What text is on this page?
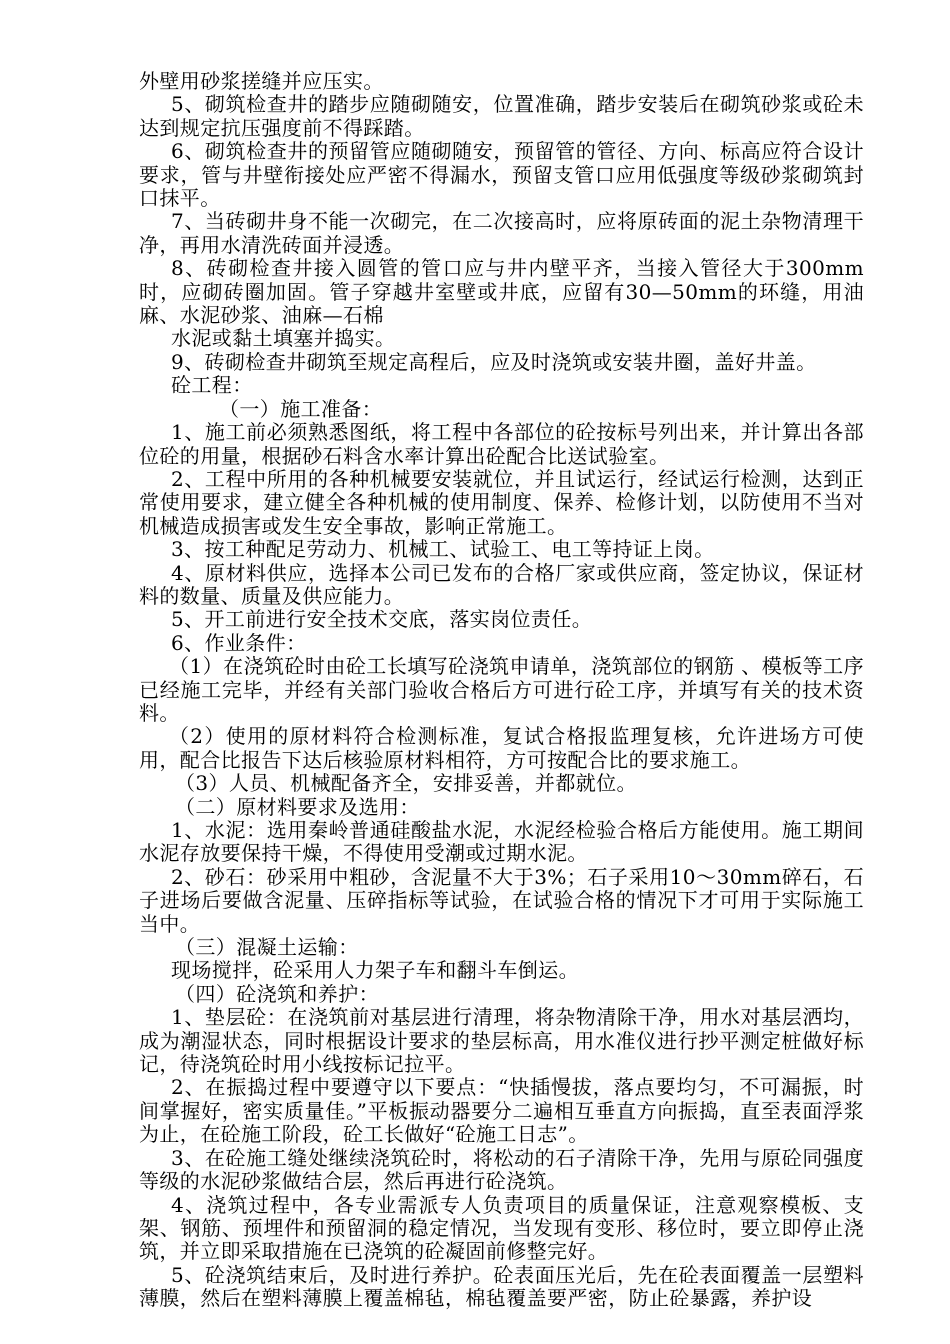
外壁用砂浆搓缝并应压实。

5、砌筑检查井的踏步应随砌随安，位置准确，踏步安装后在砌筑砂浆或砼未达到规定抗压强度前不得踩踏。

6、砌筑检查井的预留管应随砌随安，预留管的管径、方向、标高应符合设计要求，管与井壁衔接处应严密不得漏水，预留支管口应用低强度等级砂浆砌筑封口抹平。

7、当砖砌井身不能一次砌完，在二次接高时，应将原砖面的泥土杂物清理干净，再用水清洗砖面并浸透。

8、砖砌检查井接入圆管的管口应与井内壁平齐，当接入管径大于300mm时，应砌砖圈加固。管子穿越井室壁或井底，应留有30—50mm的环缝，用油麻、水泥砂浆、油麻—石棉

水泥或黏土填塞并捣实。

9、砖砌检查井砌筑至规定高程后，应及时浇筑或安装井圈，盖好井盖。

砼工程：

（一）施工准备：

1、施工前必须熟悉图纸，将工程中各部位的砼按标号列出来，并计算出各部位砼的用量，根据砂石料含水率计算出砼配合比送试验室。

2、工程中所用的各种机械要安装就位，并且试运行，经试运行检测，达到正常使用要求，建立健全各种机械的使用制度、保养、检修计划，以防使用不当对机械造成损害或发生安全事故，影响正常施工。

3、按工种配足劳动力、机械工、试验工、电工等持证上岗。

4、原材料供应，选择本公司已发布的合格厂家或供应商，签定协议，保证材料的数量、质量及供应能力。

5、开工前进行安全技术交底，落实岗位责任。

6、作业条件：

（1）在浇筑砼时由砼工长填写砼浇筑申请单，浇筑部位的钢筋 、模板等工序已经施工完毕，并经有关部门验收合格后方可进行砼工序，并填写有关的技术资料。

（2）使用的原材料符合检测标准，复试合格报监理复核，允许进场方可使用，配合比报告下达后核验原材料相符，方可按配合比的要求施工。

（3）人员、机械配备齐全，安排妥善，并都就位。

（二）原材料要求及选用：

1、水泥：选用秦岭普通硅酸盐水泥，水泥经检验合格后方能使用。施工期间水泥存放要保持干燥，不得使用受潮或过期水泥。

2、砂石：砂采用中粗砂，含泥量不大于3%；石子采用10～30mm碎石，石子进场后要做含泥量、压碎指标等试验，在试验合格的情况下才可用于实际施工当中。

（三）混凝土运输：

现场搅拌，砼采用人力架子车和翻斗车倒运。

（四）砼浇筑和养护：

1、垫层砼：在浇筑前对基层进行清理，将杂物清除干净，用水对基层洒均，成为潮湿状态，同时根据设计要求的垫层标高，用水准仪进行抄平测定桩做好标记，待浇筑砼时用小线按标记拉平。

2、在振捣过程中要遵守以下要点：“快插慢拔，落点要均匀，不可漏振，时间掌握好，密实质量佳。”平板振动器要分二遍相互垂直方向振捣，直至表面浮浆为止，在砼施工阶段，砼工长做好“砼施工日志”。

3、在砼施工缝处继续浇筑砼时，将松动的石子清除干净，先用与原砼同强度等级的水泥砂浆做结合层，然后再进行砼浇筑。

4、浇筑过程中，各专业需派专人负责项目的质量保证，注意观察模板、支架、钢筋、预埋件和预留洞的稳定情况，当发现有变形、移位时，要立即停止浇筑，并立即采取措施在已浇筑的砼凝固前修整完好。

5、砼浇筑结束后，及时进行养护。砼表面压光后，先在砼表面覆盖一层塑料薄膜，然后在塑料薄膜上覆盖棉毡，棉毡覆盖要严密，防止砼暴露，养护设
